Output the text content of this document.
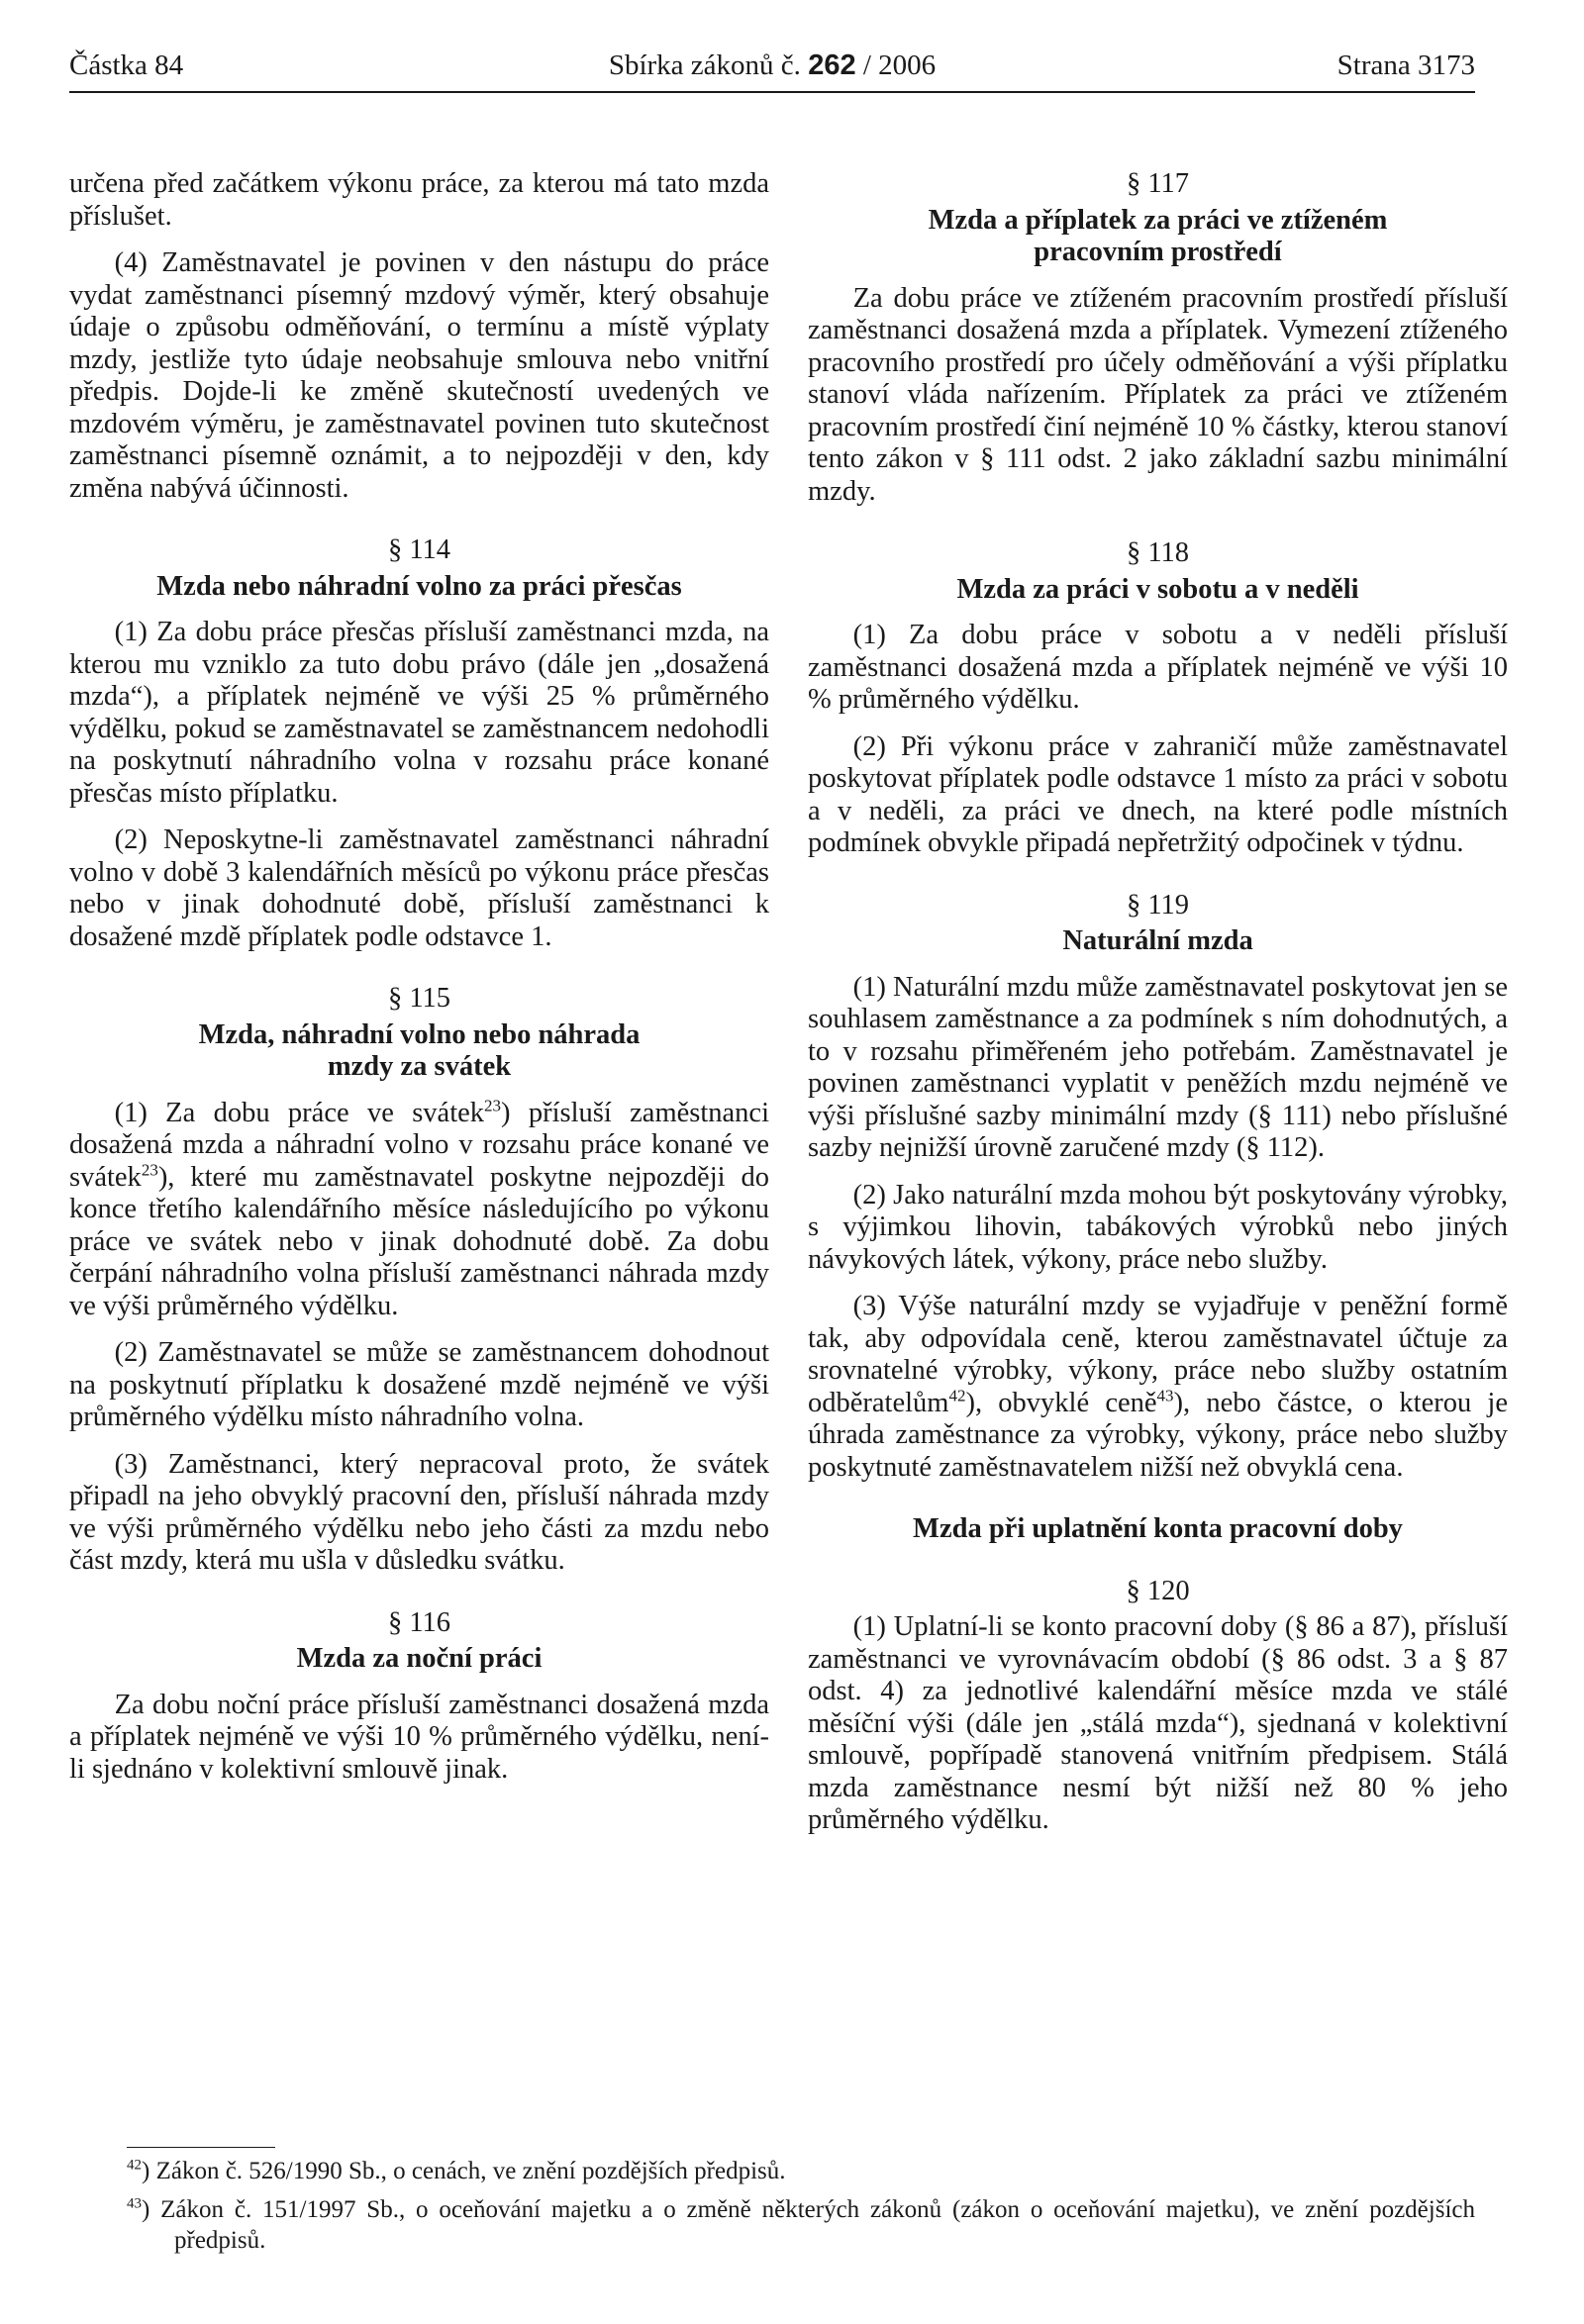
Částka 84	Sbírka zákonů č. 262 / 2006	Strana 3173

určena před začátkem výkonu práce, za kterou má tato mzda příslušet.

(4) Zaměstnavatel je povinen v den nástupu do práce vydat zaměstnanci písemný mzdový výměr, který obsahuje údaje o způsobu odměňování, o termínu a místě výplaty mzdy, jestliže tyto údaje neobsahuje smlouva nebo vnitřní předpis. Dojde-li ke změně skutečností uvedených ve mzdovém výměru, je zaměstnavatel povinen tuto skutečnost zaměstnanci písemně oznámit, a to nejpozději v den, kdy změna nabývá účinnosti.

§ 114
Mzda nebo náhradní volno za práci přesčas

(1) Za dobu práce přesčas přísluší zaměstnanci mzda, na kterou mu vzniklo za tuto dobu právo (dále jen „dosažená mzda“), a příplatek nejméně ve výši 25 % průměrného výdělku, pokud se zaměstnavatel se zaměstnancem nedohodli na poskytnutí náhradního volna v rozsahu práce konané přesčas místo příplatku.

(2) Neposkytne-li zaměstnavatel zaměstnanci náhradní volno v době 3 kalendářních měsíců po výkonu práce přesčas nebo v jinak dohodnuté době, přísluší zaměstnanci k dosažené mzdě příplatek podle odstavce 1.

§ 115
Mzda, náhradní volno nebo náhrada
mzdy za svátek

(1) Za dobu práce ve svátek$^{23}$) přísluší zaměstnanci dosažená mzda a náhradní volno v rozsahu práce konané ve svátek$^{23}$), které mu zaměstnavatel poskytne nejpozději do konce třetího kalendářního měsíce následujícího po výkonu práce ve svátek nebo v jinak dohodnuté době. Za dobu čerpání náhradního volna přísluší zaměstnanci náhrada mzdy ve výši průměrného výdělku.

(2) Zaměstnavatel se může se zaměstnancem dohodnout na poskytnutí příplatku k dosažené mzdě nejméně ve výši průměrného výdělku místo náhradního volna.

(3) Zaměstnanci, který nepracoval proto, že svátek připadl na jeho obvyklý pracovní den, přísluší náhrada mzdy ve výši průměrného výdělku nebo jeho části za mzdu nebo část mzdy, která mu ušla v důsledku svátku.

§ 116
Mzda za noční práci

Za dobu noční práce přísluší zaměstnanci dosažená mzda a příplatek nejméně ve výši 10 % průměrného výdělku, není-li sjednáno v kolektivní smlouvě jinak.

§ 117
Mzda a příplatek za práci ve ztíženém
pracovním prostředí

Za dobu práce ve ztíženém pracovním prostředí přísluší zaměstnanci dosažená mzda a příplatek. Vymezení ztíženého pracovního prostředí pro účely odměňování a výši příplatku stanoví vláda nařízením. Příplatek za práci ve ztíženém pracovním prostředí činí nejméně 10 % částky, kterou stanoví tento zákon v § 111 odst. 2 jako základní sazbu minimální mzdy.

§ 118
Mzda za práci v sobotu a v neděli

(1) Za dobu práce v sobotu a v neděli přísluší zaměstnanci dosažená mzda a příplatek nejméně ve výši 10 % průměrného výdělku.

(2) Při výkonu práce v zahraničí může zaměstnavatel poskytovat příplatek podle odstavce 1 místo za práci v sobotu a v neděli, za práci ve dnech, na které podle místních podmínek obvykle připadá nepřetržitý odpočinek v týdnu.

§ 119
Naturální mzda

(1) Naturální mzdu může zaměstnavatel poskytovat jen se souhlasem zaměstnance a za podmínek s ním dohodnutých, a to v rozsahu přiměřeném jeho potřebám. Zaměstnavatel je povinen zaměstnanci vyplatit v peněžích mzdu nejméně ve výši příslušné sazby minimální mzdy (§ 111) nebo příslušné sazby nejnižší úrovně zaručené mzdy (§ 112).

(2) Jako naturální mzda mohou být poskytovány výrobky, s výjimkou lihovin, tabákových výrobků nebo jiných návykových látek, výkony, práce nebo služby.

(3) Výše naturální mzdy se vyjadřuje v peněžní formě tak, aby odpovídala ceně, kterou zaměstnavatel účtuje za srovnatelné výrobky, výkony, práce nebo služby ostatním odběratelům$^{42}$), obvyklé ceně$^{43}$), nebo částce, o kterou je úhrada zaměstnance za výrobky, výkony, práce nebo služby poskytnuté zaměstnavatelem nižší než obvyklá cena.

Mzda při uplatnění konta pracovní doby
§ 120

(1) Uplatní-li se konto pracovní doby (§ 86 a 87), přísluší zaměstnanci ve vyrovnávacím období (§ 86 odst. 3 a § 87 odst. 4) za jednotlivé kalendářní měsíce mzda ve stálé měsíční výši (dále jen „stálá mzda“), sjednaná v kolektivní smlouvě, popřípadě stanovená vnitřním předpisem. Stálá mzda zaměstnance nesmí být nižší než 80 % jeho průměrného výdělku.

$^{42}$) Zákon č. 526/1990 Sb., o cenách, ve znění pozdějších předpisů.
$^{43}$) Zákon č. 151/1997 Sb., o oceňování majetku a o změně některých zákonů (zákon o oceňování majetku), ve znění pozdějších předpisů.
